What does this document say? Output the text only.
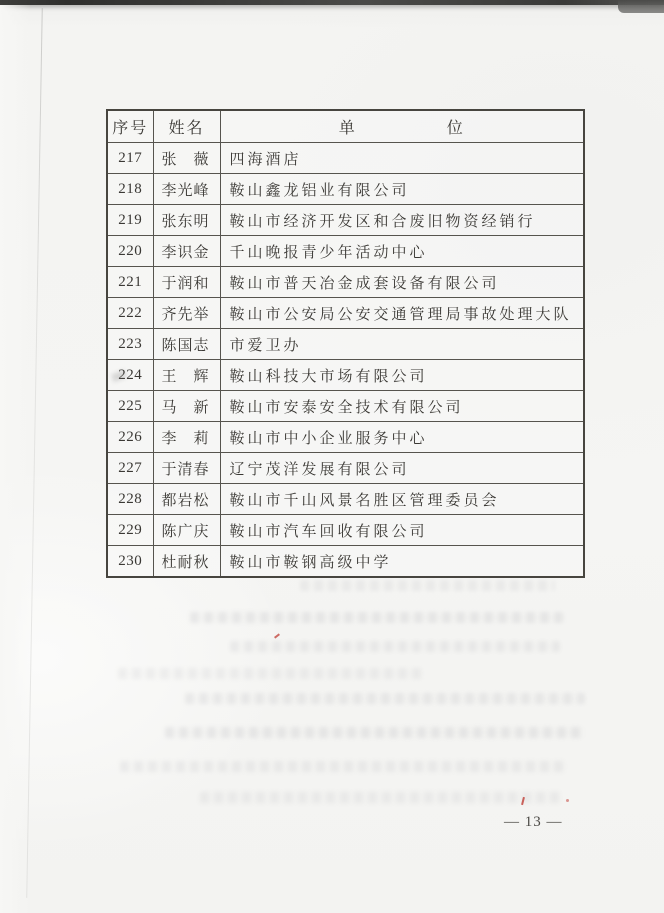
序号	姓名	单　　　　　位
217	张　薇	四海酒店
218	李光峰	鞍山鑫龙铝业有限公司
219	张东明	鞍山市经济开发区和合废旧物资经销行
220	李识金	千山晚报青少年活动中心
221	于润和	鞍山市普天冶金成套设备有限公司
222	齐先举	鞍山市公安局公安交通管理局事故处理大队
223	陈国志	市爱卫办
224	王　辉	鞍山科技大市场有限公司
225	马　新	鞍山市安泰安全技术有限公司
226	李　莉	鞍山市中小企业服务中心
227	于清春	辽宁茂洋发展有限公司
228	都岩松	鞍山市千山风景名胜区管理委员会
229	陈广庆	鞍山市汽车回收有限公司
230	杜耐秋	鞍山市鞍钢高级中学
— 13 —
